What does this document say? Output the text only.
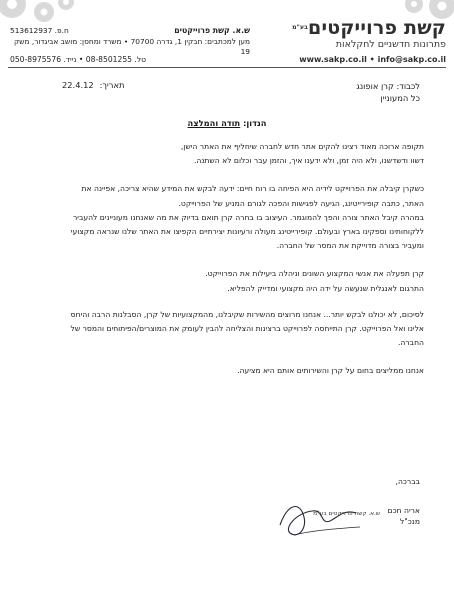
קשת פרוייקטים$^{בע"מ}$
פתרונות חדשניים לחקלאות
ש.א. קשת פרוייקטים
ח.פ. 513612937
מען למכתבים: חבקין 1, גדרה 70700 • משרד ומחסן: מושב אביגדור, משק 19
טל. 08-8501255 • נייד. 050-8975576	www.sakp.co.il • info@sakp.co.il
לכבוד: קרן אופונג
כל המעוניין
תאריך:22.4.12
הנדון: תודה והמלצה

תקופה ארוכה מאוד רצינו להקים אתר חדש לחברה שיחליף את האתר הישן,
דשוו ודשדשנו, ולא היה זמן, ולא ידענו איך, והזמן עבר וכלום לא השתנה.

כשקרן קיבלה את הפרוייקט לידיה היא הפיחה בו רוח חיים: ידעה לבקש את המידע שהיא צריכה, אפיינה את
האתר, כתבה קופירייטינג, הגיעה לפגישות והפכה לגורם המניע של הפרוייקט.
במהרה קיבל האתר צורה והפך להמוגמר. העיצוב בו בחרה קרן תואם בדיוק את מה שאנחנו מעוניינים להעביר
ללקוחותינו וספקינו בארץ ובעולם. קופירייטינג מעולה ורעיונות יצירתיים הקפיצו את האתר שלנו שנראה מקצועי
ומעביר בצורה מדוייקת את המסר של החברה.

קרן תפעלה את אנשי המקצוע השונים וניהלה ביעילות את הפרוייקט.
התרגום לאנגלית שנעשה על ידה היה מקצועי ומדייק להפליא.

לסיכום, לא יכולנו לבקש יותר... אנחנו מרוצים מהשירות שקיבלנו, מהמקצועיות של קרן, הסבלנות הרבה והיחס
אלינו ואל הפרוייקט. קרן התייחסה לפרוייקט ברצינות והצליחה להבין לעומק את המוצרים/הפיתוחים והמסר של
החברה.

אנחנו ממליצים בחום על קרן והשירותים אותם היא מציעה.

בברכה,
אריה חכם
מנכ"ל
ש.א. קשת פרוייקטים בע"מ
